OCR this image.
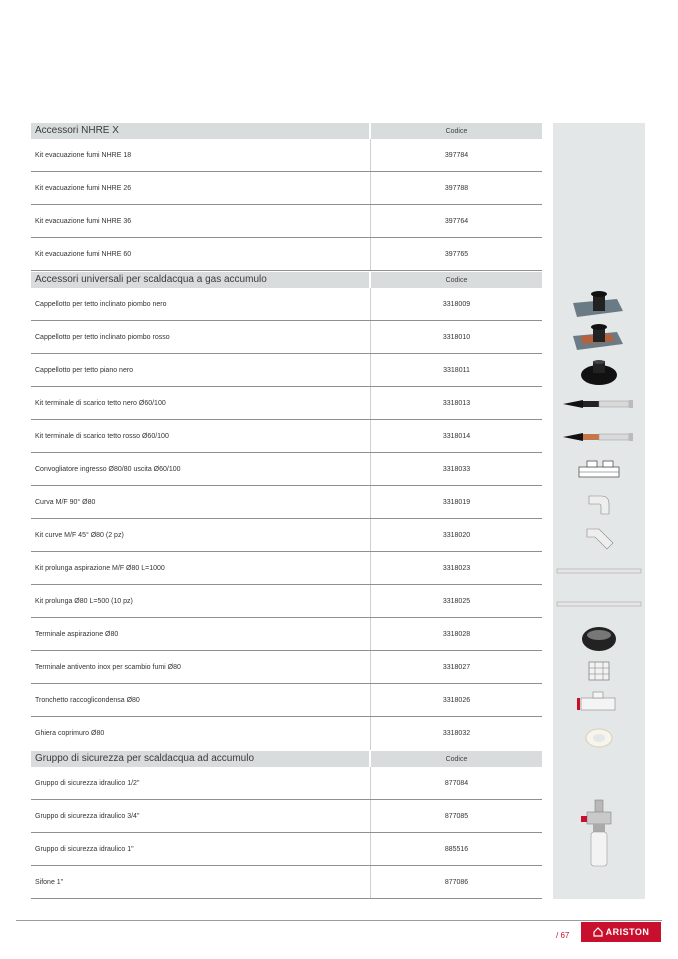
Accessori NHRE X	Codice
Kit evacuazione fumi NHRE 18	397784
Kit evacuazione fumi NHRE 26	397788
Kit evacuazione fumi NHRE 36	397764
Kit evacuazione fumi NHRE 60	397765
Accessori universali per scaldacqua a gas accumulo	Codice
Cappellotto per tetto inclinato piombo nero	3318009
Cappellotto per tetto inclinato piombo rosso	3318010
Cappellotto per tetto piano nero	3318011
Kit terminale di scarico tetto nero Ø60/100	3318013
Kit terminale di scarico tetto rosso Ø60/100	3318014
Convogliatore ingresso Ø80/80 uscita Ø60/100	3318033
Curva M/F 90° Ø80	3318019
Kit curve M/F 45° Ø80 (2 pz)	3318020
Kit prolunga aspirazione M/F Ø80 L=1000	3318023
Kit prolunga Ø80 L=500 (10 pz)	3318025
Terminale aspirazione Ø80	3318028
Terminale antivento inox per scambio fumi Ø80	3318027
Tronchetto raccoglicondensa Ø80	3318026
Ghiera coprimuro Ø80	3318032
Gruppo di sicurezza per scaldacqua ad accumulo	Codice
Gruppo di sicurezza idraulico 1/2"	877084
Gruppo di sicurezza idraulico 3/4"	877085
Gruppo di sicurezza idraulico 1"	885516
Sifone 1"	877086
/ 67	ARISTON
